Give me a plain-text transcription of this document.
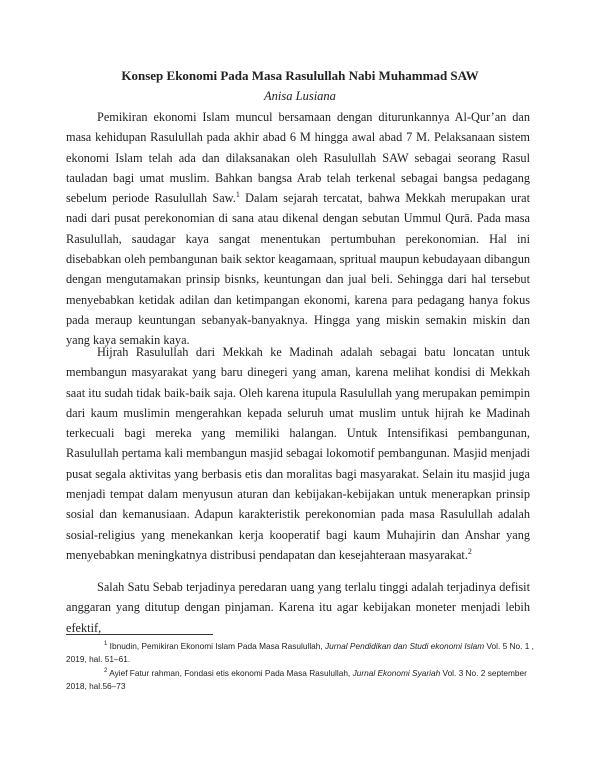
Konsep Ekonomi Pada Masa Rasulullah Nabi Muhammad SAW

Anisa Lusiana

Pemikiran ekonomi Islam muncul bersamaan dengan diturunkannya Al-Qur’an dan masa kehidupan Rasulullah pada akhir abad 6 M hingga awal abad 7 M. Pelaksanaan sistem ekonomi Islam telah ada dan dilaksanakan oleh Rasulullah SAW sebagai seorang Rasul tauladan bagi umat muslim. Bahkan bangsa Arab telah terkenal sebagai bangsa pedagang sebelum periode Rasulullah Saw.$^1$ Dalam sejarah tercatat, bahwa Mekkah merupakan urat nadi dari pusat perekonomian di sana atau dikenal dengan sebutan Ummul Qurā. Pada masa Rasulullah, saudagar kaya sangat menentukan pertumbuhan perekonomian. Hal ini disebabkan oleh pembangunan baik sektor keagamaan, spritual maupun kebudayaan dibangun dengan mengutamakan prinsip bisnks, keuntungan dan jual beli. Sehingga dari hal tersebut menyebabkan ketidak adilan dan ketimpangan ekonomi, karena para pedagang hanya fokus pada meraup keuntungan sebanyak-banyaknya. Hingga yang miskin semakin miskin dan yang kaya semakin kaya.

Hijrah Rasulullah dari Mekkah ke Madinah adalah sebagai batu loncatan untuk membangun masyarakat yang baru dinegeri yang aman, karena melihat kondisi di Mekkah saat itu sudah tidak baik-baik saja. Oleh karena itupula Rasulullah yang merupakan pemimpin dari kaum muslimin mengerahkan kepada seluruh umat muslim untuk hijrah ke Madinah terkecuali bagi mereka yang memiliki halangan. Untuk Intensifikasi pembangunan, Rasulullah pertama kali membangun masjid sebagai lokomotif pembangunan. Masjid menjadi pusat segala aktivitas yang berbasis etis dan moralitas bagi masyarakat. Selain itu masjid juga menjadi tempat dalam menyusun aturan dan kebijakan-kebijakan untuk menerapkan prinsip sosial dan kemanusiaan. Adapun karakteristik perekonomian pada masa Rasulullah adalah sosial-religius yang menekankan kerja kooperatif bagi kaum Muhajirin dan Anshar yang menyebabkan meningkatnya distribusi pendapatan dan kesejahteraan masyarakat.$^2$

Salah Satu Sebab terjadinya peredaran uang yang terlalu tinggi adalah terjadinya defisit anggaran yang ditutup dengan pinjaman. Karena itu agar kebijakan moneter menjadi lebih efektif,

$^1$ Ibnudin, Pemikiran Ekonomi Islam Pada Masa Rasulullah, Jurnal Pendidikan dan Studi ekonomi Islam Vol. 5 No. 1 , 2019, hal. 51–61.

$^2$ Ayief Fatur rahman, Fondasi etis ekonomi Pada Masa Rasulullah, Jurnal Ekonomi Syariah Vol. 3 No. 2 september 2018, hal.56–73
